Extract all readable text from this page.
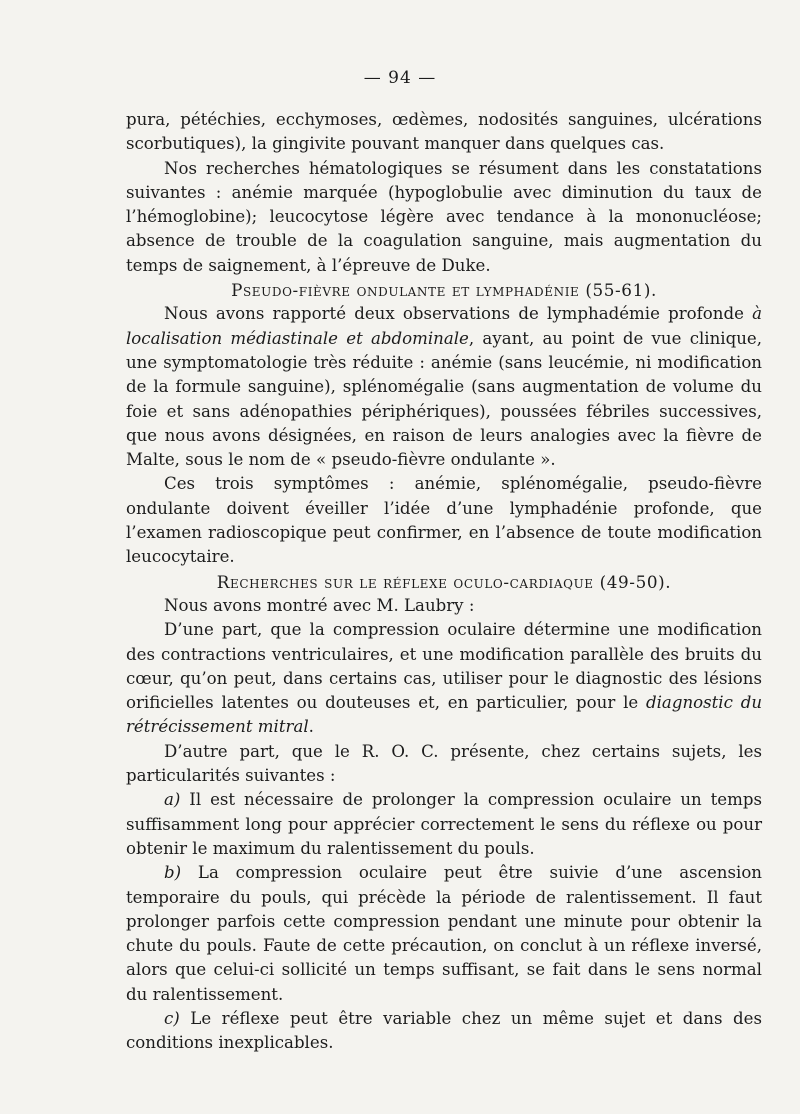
— 94 —

pura, pétéchies, ecchymoses, œdèmes, nodosités sanguines, ulcérations scorbutiques), la gingivite pouvant manquer dans quelques cas.

Nos recherches hématologiques se résument dans les constatations suivantes : anémie marquée (hypoglobulie avec diminution du taux de l’hémoglobine); leucocytose légère avec tendance à la mononucléose; absence de trouble de la coagulation sanguine, mais augmentation du temps de saignement, à l’épreuve de Duke.

Pseudo-fièvre ondulante et lymphadénie (55-61).

Nous avons rapporté deux observations de lymphadémie profonde à localisation médiastinale et abdominale, ayant, au point de vue clinique, une symptomatologie très réduite : anémie (sans leucémie, ni modification de la formule sanguine), splénomégalie (sans augmentation de volume du foie et sans adénopathies périphériques), poussées fébriles successives, que nous avons désignées, en raison de leurs analogies avec la fièvre de Malte, sous le nom de « pseudo-fièvre ondulante ».

Ces trois symptômes : anémie, splénomégalie, pseudo-fièvre ondulante doivent éveiller l’idée d’une lymphadénie profonde, que l’examen radioscopique peut confirmer, en l’absence de toute modification leucocytaire.

Recherches sur le réflexe oculo-cardiaque (49-50).

Nous avons montré avec M. Laubry :

D’une part, que la compression oculaire détermine une modification des contractions ventriculaires, et une modification parallèle des bruits du cœur, qu’on peut, dans certains cas, utiliser pour le diagnostic des lésions orificielles latentes ou douteuses et, en particulier, pour le diagnostic du rétrécissement mitral.

D’autre part, que le R. O. C. présente, chez certains sujets, les particularités suivantes :

a) Il est nécessaire de prolonger la compression oculaire un temps suffisamment long pour apprécier correctement le sens du réflexe ou pour obtenir le maximum du ralentissement du pouls.

b) La compression oculaire peut être suivie d’une ascension temporaire du pouls, qui précède la période de ralentissement. Il faut prolonger parfois cette compression pendant une minute pour obtenir la chute du pouls. Faute de cette précaution, on conclut à un réflexe inversé, alors que celui-ci sollicité un temps suffisant, se fait dans le sens normal du ralentissement.

c) Le réflexe peut être variable chez un même sujet et dans des conditions inexplicables.
